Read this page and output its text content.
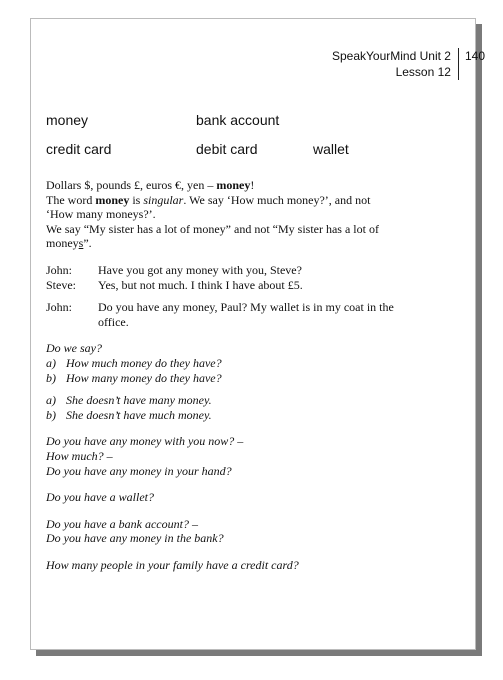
SpeakYourMind Unit 2
Lesson 12
140
money	bank account
credit card	debit card	wallet

Dollars $, pounds £, euros €, yen – money!

The word money is singular. We say ‘How much money?’, and not ‘How many moneys?’.

We say “My sister has a lot of money” and not “My sister has a lot of moneys”.

John:	Have you got any money with you, Steve?
Steve:	Yes, but not much. I think I have about £5.
John:	Do you have any money, Paul? My wallet is in my coat in the office.

Do we say?

a) How much money do they have?
b) How many money do they have?
a) She doesn’t have many money.
b) She doesn’t have much money.

Do you have any money with you now? –

How much? –

Do you have any money in your hand?

Do you have a wallet?

Do you have a bank account? –

Do you have any money in the bank?

How many people in your family have a credit card?
